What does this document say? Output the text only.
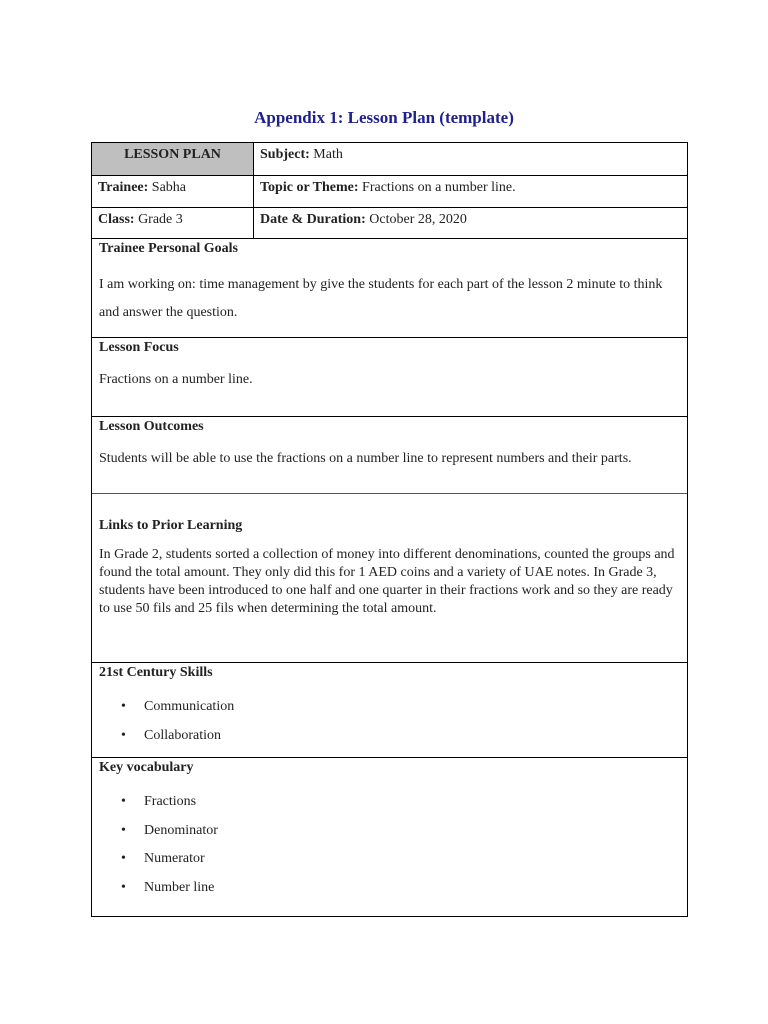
Appendix 1: Lesson Plan (template)
LESSON PLAN	Subject: Math
Trainee: Sabha	Topic or Theme: Fractions on a number line.
Class: Grade 3	Date & Duration: October 28, 2020
Trainee Personal Goals

I am working on: time management by give the students for each part of the lesson 2 minute to think and answer the question.

Lesson Focus

Fractions on a number line.

Lesson Outcomes

Students will be able to use the fractions on a number line to represent numbers and their parts.

Links to Prior Learning

In Grade 2, students sorted a collection of money into different denominations, counted the groups and found the total amount. They only did this for 1 AED coins and a variety of UAE notes. In Grade 3, students have been introduced to one half and one quarter in their fractions work and so they are ready to use 50 fils and 25 fils when determining the total amount.

21st Century Skills
• Communication
• Collaboration
Key vocabulary
• Fractions
• Denominator
• Numerator
• Number line
